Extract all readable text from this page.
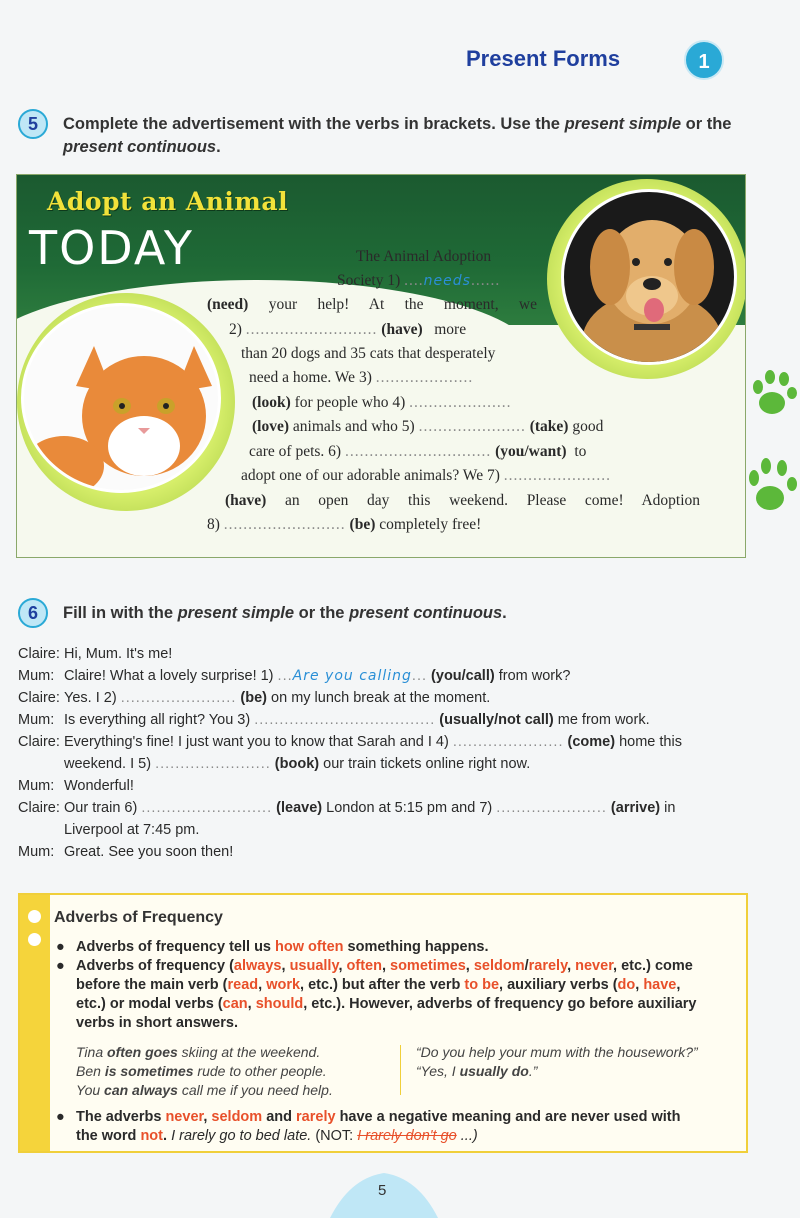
Present Forms	1
5	Complete the advertisement with the verbs in brackets. Use the present simple or the present continuous.
Adopt an Animal
TODAY	The Animal Adoption
Society 1) ....needs......
(need) your help! At the moment, we
2) ........................... (have) more
than 20 dogs and 35 cats that desperately
need a home. We 3) ....................
(look) for people who 4) .....................
(love) animals and who 5) ...................... (take) good
care of pets. 6) .............................. (you/want) to
adopt one of our adorable animals? We 7) ......................
(have) an open day this weekend. Please come! Adoption
8) ......................... (be) completely free!
6	Fill in with the present simple or the present continuous.
Claire: Hi, Mum. It's me!
Mum: Claire! What a lovely surprise! 1) ...Are you calling... (you/call) from work?
Claire: Yes. I 2) ....................... (be) on my lunch break at the moment.
Mum: Is everything all right? You 3) .................................... (usually/not call) me from work.
Claire: Everything's fine! I just want you to know that Sarah and I 4) ...................... (come) home this
weekend. I 5) ....................... (book) our train tickets online right now.
Mum: Wonderful!
Claire: Our train 6) .......................... (leave) London at 5:15 pm and 7) ...................... (arrive) in
Liverpool at 7:45 pm.
Mum: Great. See you soon then!
Adverbs of Frequency
● Adverbs of frequency tell us how often something happens.
● Adverbs of frequency (always, usually, often, sometimes, seldom/rarely, never, etc.) come
before the main verb (read, work, etc.) but after the verb to be, auxiliary verbs (do, have,
etc.) or modal verbs (can, should, etc.). However, adverbs of frequency go before auxiliary
verbs in short answers.
Tina often goes skiing at the weekend.
Ben is sometimes rude to other people.
You can always call me if you need help.
“Do you help your mum with the housework?”
“Yes, I usually do.”
● The adverbs never, seldom and rarely have a negative meaning and are never used with
the word not. I rarely go to bed late. (NOT: I rarely don't go ...)
5
